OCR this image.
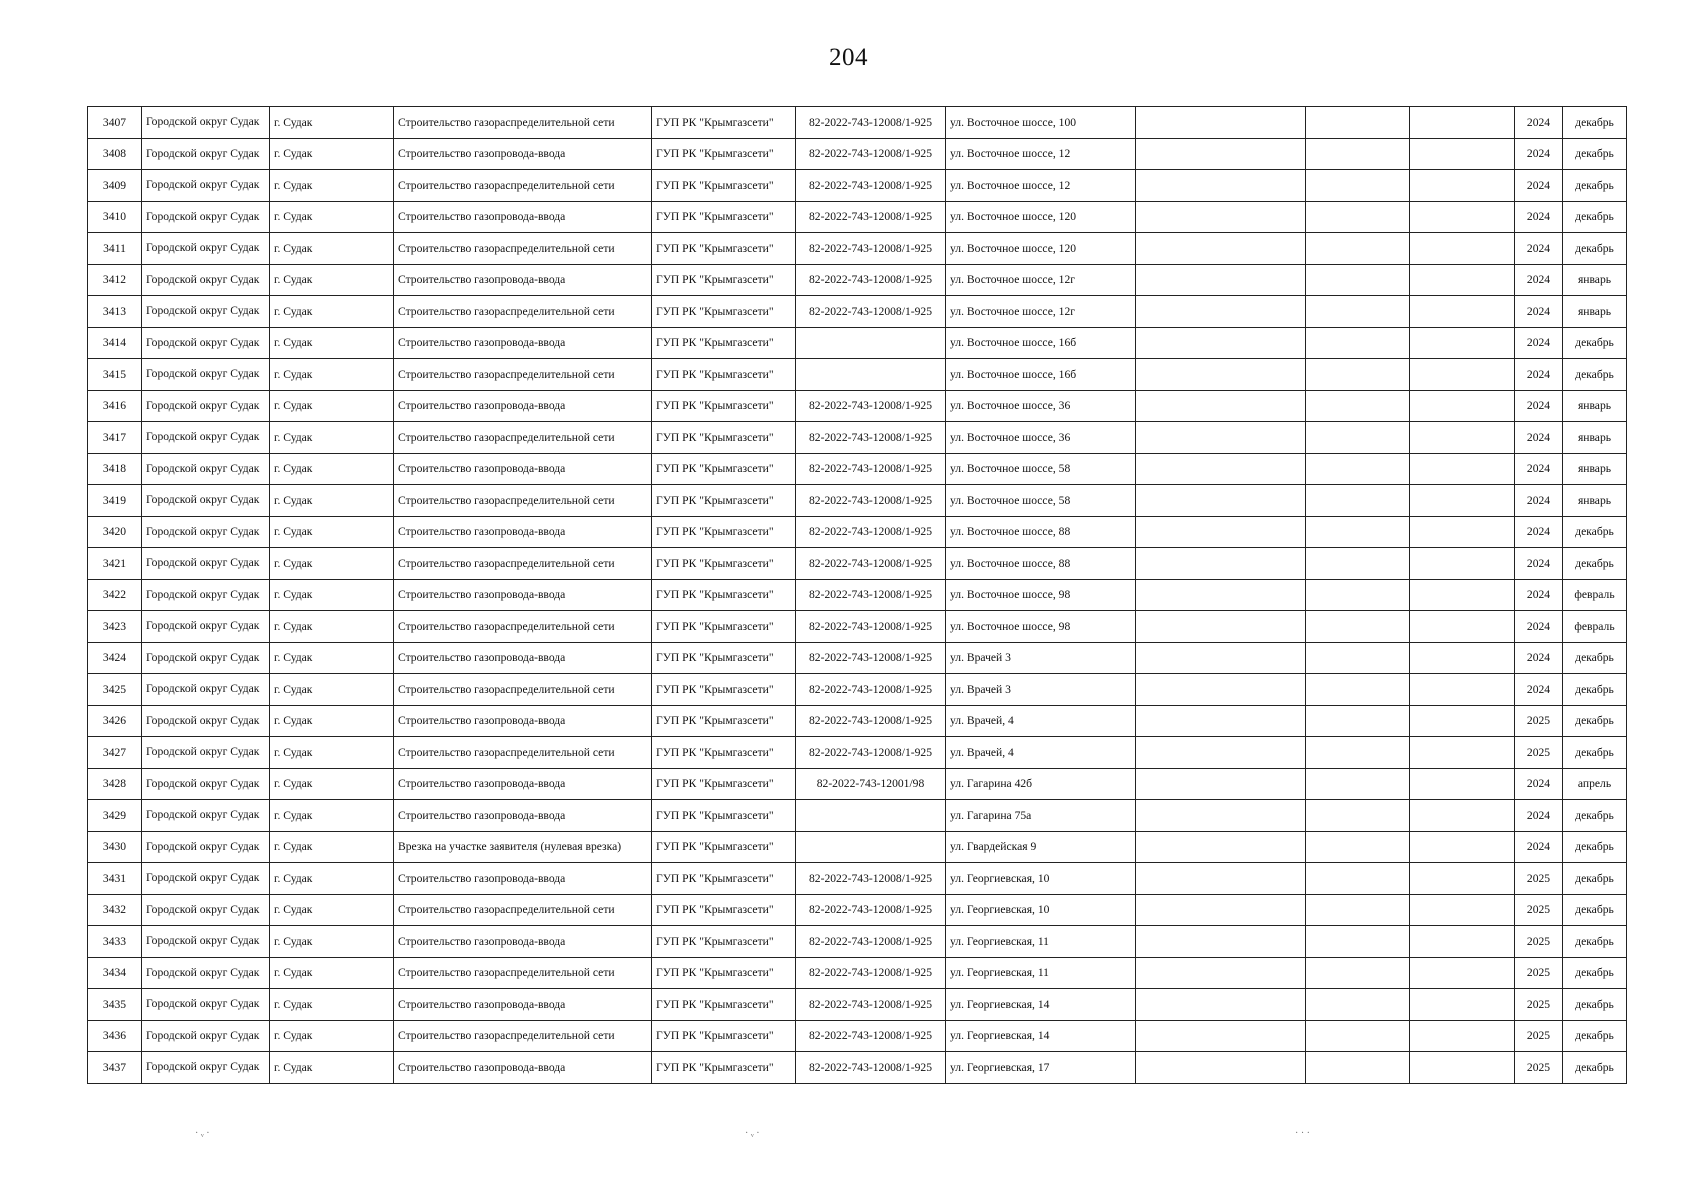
204
3407	Городской округ Судак	г. Судак	Строительство газораспределительной сети	ГУП РК "Крымгазсети"	82-2022-743-12008/1-925	ул. Восточное шоссе, 100				2024	декабрь
3408	Городской округ Судак	г. Судак	Строительство газопровода-ввода	ГУП РК "Крымгазсети"	82-2022-743-12008/1-925	ул. Восточное шоссе, 12				2024	декабрь
3409	Городской округ Судак	г. Судак	Строительство газораспределительной сети	ГУП РК "Крымгазсети"	82-2022-743-12008/1-925	ул. Восточное шоссе, 12				2024	декабрь
3410	Городской округ Судак	г. Судак	Строительство газопровода-ввода	ГУП РК "Крымгазсети"	82-2022-743-12008/1-925	ул. Восточное шоссе, 120				2024	декабрь
3411	Городской округ Судак	г. Судак	Строительство газораспределительной сети	ГУП РК "Крымгазсети"	82-2022-743-12008/1-925	ул. Восточное шоссе, 120				2024	декабрь
3412	Городской округ Судак	г. Судак	Строительство газопровода-ввода	ГУП РК "Крымгазсети"	82-2022-743-12008/1-925	ул. Восточное шоссе, 12г				2024	январь
3413	Городской округ Судак	г. Судак	Строительство газораспределительной сети	ГУП РК "Крымгазсети"	82-2022-743-12008/1-925	ул. Восточное шоссе, 12г				2024	январь
3414	Городской округ Судак	г. Судак	Строительство газопровода-ввода	ГУП РК "Крымгазсети"		ул. Восточное шоссе, 16б				2024	декабрь
3415	Городской округ Судак	г. Судак	Строительство газораспределительной сети	ГУП РК "Крымгазсети"		ул. Восточное шоссе, 16б				2024	декабрь
3416	Городской округ Судак	г. Судак	Строительство газопровода-ввода	ГУП РК "Крымгазсети"	82-2022-743-12008/1-925	ул. Восточное шоссе, 36				2024	январь
3417	Городской округ Судак	г. Судак	Строительство газораспределительной сети	ГУП РК "Крымгазсети"	82-2022-743-12008/1-925	ул. Восточное шоссе, 36				2024	январь
3418	Городской округ Судак	г. Судак	Строительство газопровода-ввода	ГУП РК "Крымгазсети"	82-2022-743-12008/1-925	ул. Восточное шоссе, 58				2024	январь
3419	Городской округ Судак	г. Судак	Строительство газораспределительной сети	ГУП РК "Крымгазсети"	82-2022-743-12008/1-925	ул. Восточное шоссе, 58				2024	январь
3420	Городской округ Судак	г. Судак	Строительство газопровода-ввода	ГУП РК "Крымгазсети"	82-2022-743-12008/1-925	ул. Восточное шоссе, 88				2024	декабрь
3421	Городской округ Судак	г. Судак	Строительство газораспределительной сети	ГУП РК "Крымгазсети"	82-2022-743-12008/1-925	ул. Восточное шоссе, 88				2024	декабрь
3422	Городской округ Судак	г. Судак	Строительство газопровода-ввода	ГУП РК "Крымгазсети"	82-2022-743-12008/1-925	ул. Восточное шоссе, 98				2024	февраль
3423	Городской округ Судак	г. Судак	Строительство газораспределительной сети	ГУП РК "Крымгазсети"	82-2022-743-12008/1-925	ул. Восточное шоссе, 98				2024	февраль
3424	Городской округ Судак	г. Судак	Строительство газопровода-ввода	ГУП РК "Крымгазсети"	82-2022-743-12008/1-925	ул. Врачей 3				2024	декабрь
3425	Городской округ Судак	г. Судак	Строительство газораспределительной сети	ГУП РК "Крымгазсети"	82-2022-743-12008/1-925	ул. Врачей 3				2024	декабрь
3426	Городской округ Судак	г. Судак	Строительство газопровода-ввода	ГУП РК "Крымгазсети"	82-2022-743-12008/1-925	ул. Врачей, 4				2025	декабрь
3427	Городской округ Судак	г. Судак	Строительство газораспределительной сети	ГУП РК "Крымгазсети"	82-2022-743-12008/1-925	ул. Врачей, 4				2025	декабрь
3428	Городской округ Судак	г. Судак	Строительство газопровода-ввода	ГУП РК "Крымгазсети"	82-2022-743-12001/98	ул. Гагарина 42б				2024	апрель
3429	Городской округ Судак	г. Судак	Строительство газопровода-ввода	ГУП РК "Крымгазсети"		ул. Гагарина 75а				2024	декабрь
3430	Городской округ Судак	г. Судак	Врезка на участке заявителя (нулевая врезка)	ГУП РК "Крымгазсети"		ул. Гвардейская 9				2024	декабрь
3431	Городской округ Судак	г. Судак	Строительство газопровода-ввода	ГУП РК "Крымгазсети"	82-2022-743-12008/1-925	ул. Георгиевская, 10				2025	декабрь
3432	Городской округ Судак	г. Судак	Строительство газораспределительной сети	ГУП РК "Крымгазсети"	82-2022-743-12008/1-925	ул. Георгиевская, 10				2025	декабрь
3433	Городской округ Судак	г. Судак	Строительство газопровода-ввода	ГУП РК "Крымгазсети"	82-2022-743-12008/1-925	ул. Георгиевская, 11				2025	декабрь
3434	Городской округ Судак	г. Судак	Строительство газораспределительной сети	ГУП РК "Крымгазсети"	82-2022-743-12008/1-925	ул. Георгиевская, 11				2025	декабрь
3435	Городской округ Судак	г. Судак	Строительство газопровода-ввода	ГУП РК "Крымгазсети"	82-2022-743-12008/1-925	ул. Георгиевская, 14				2025	декабрь
3436	Городской округ Судак	г. Судак	Строительство газораспределительной сети	ГУП РК "Крымгазсети"	82-2022-743-12008/1-925	ул. Георгиевская, 14				2025	декабрь
3437	Городской округ Судак	г. Судак	Строительство газопровода-ввода	ГУП РК "Крымгазсети"	82-2022-743-12008/1-925	ул. Георгиевская, 17				2025	декабрь
· ᵥ ·	· ᵥ ·	· · ·
